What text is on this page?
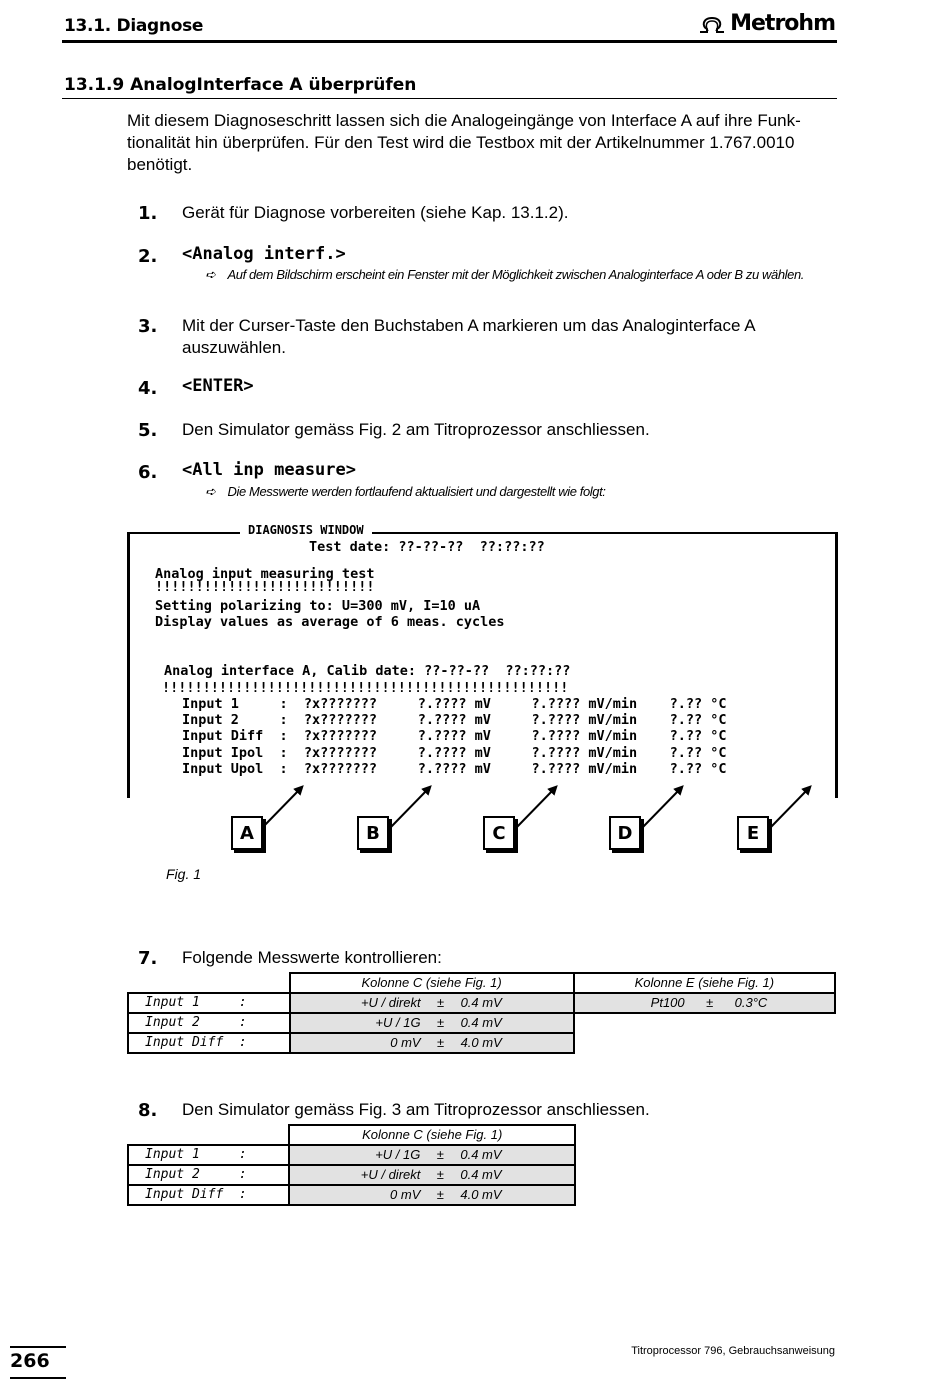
13.1. Diagnose	Metrohm
13.1.9 AnalogInterface A überprüfen
Mit diesem Diagnoseschritt lassen sich die Analogeingänge von Interface A auf ihre Funk-
tionalität hin überprüfen. Für den Test wird die Testbox mit der Artikelnummer 1.767.0010
benötigt.
1. Gerät für Diagnose vorbereiten (siehe Kap. 13.1.2).
2. <Analog interf.>
➪ Auf dem Bildschirm erscheint ein Fenster mit der Möglichkeit zwischen Analoginterface A oder B zu wählen.
3. Mit der Curser-Taste den Buchstaben A markieren um das Analoginterface A
auszuwählen.
4. <ENTER>
5. Den Simulator gemäss Fig. 2 am Titroprozessor anschliessen.
6. <All inp measure>
➪ Die Messwerte werden fortlaufend aktualisiert und dargestellt wie folgt:
DIAGNOSIS WINDOW
Test date: ??-??-??  ??:??:??
Analog input measuring test
!!!!!!!!!!!!!!!!!!!!!!!!!!!
Setting polarizing to: U=300 mV, I=10 uA
Display values as average of 6 meas. cycles
Analog interface A, Calib date: ??-??-??  ??:??:??
!!!!!!!!!!!!!!!!!!!!!!!!!!!!!!!!!!!!!!!!!!!!!!!!!!
Input 1     :  ?x???????     ?.???? mV     ?.???? mV/min    ?.?? °C
Input 2     :  ?x???????     ?.???? mV     ?.???? mV/min    ?.?? °C
Input Diff  :  ?x???????     ?.???? mV     ?.???? mV/min    ?.?? °C
Input Ipol  :  ?x???????     ?.???? mV     ?.???? mV/min    ?.?? °C
Input Upol  :  ?x???????     ?.???? mV     ?.???? mV/min    ?.?? °C
A	B	C	D	E
Fig. 1
7. Folgende Messwerte kontrollieren:
	Kolonne C (siehe Fig. 1)	Kolonne E (siehe Fig. 1)
Input 1     :	+U / direkt ± 0.4 mV	Pt100 ± 0.3°C

Input 2     :	+U / 1G ± 0.4 mV	

Input Diff  :	0 mV ± 4.0 mV	

8. Den Simulator gemäss Fig. 3 am Titroprozessor anschliessen.
	Kolonne C (siehe Fig. 1)
Input 1     :	+U / 1G ± 0.4 mV

Input 2     :	+U / direkt ± 0.4 mV

Input Diff  :	0 mV ± 4.0 mV
266	Titroprocessor 796, Gebrauchsanweisung
